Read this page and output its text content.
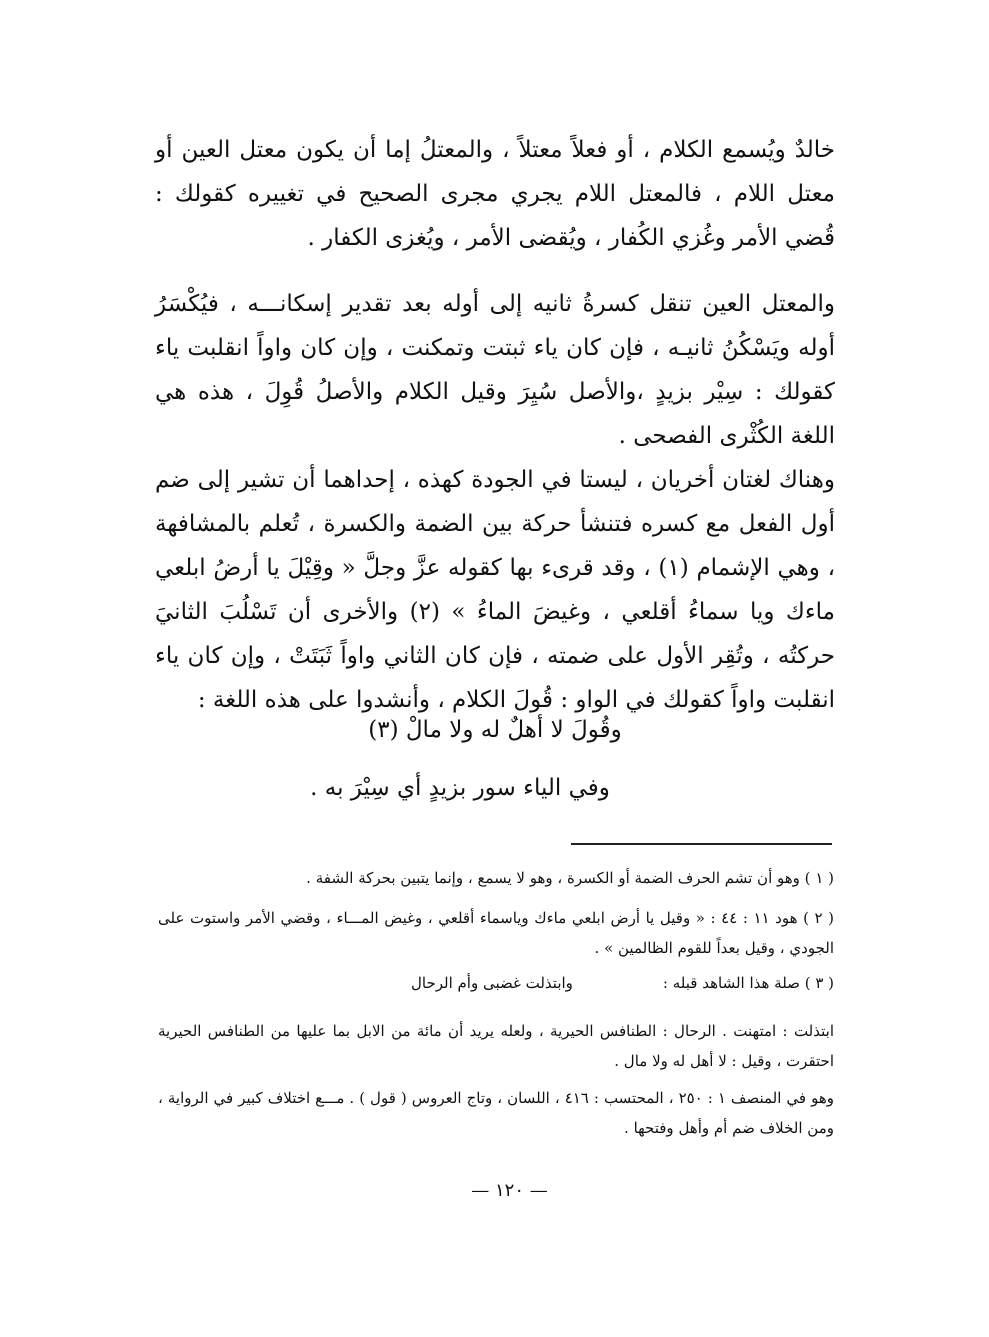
خالدٌ ويُسمع الكلام ، أو فعلاً معتلاً ، والمعتلُ إما أن يكون معتل العين أو معتل اللام ، فالمعتل اللام يجري مجرى الصحيح في تغييره كقولك : قُضي الأمر وغُزي الكُفار ، ويُقضى الأمر ، ويُغزى الكفار .

والمعتل العين تنقل كسرةُ ثانيه إلى أوله بعد تقدير إسكانـــه ، فيُكْسَرُ أوله ويَسْكُنُ ثانيـه ، فإن كان ياء ثبتت وتمكنت ، وإن كان واواً انقلبت ياء كقولك : سِيْر بزيدٍ ،والأصل سُيِرَ وقيل الكلام والأصلُ قُوِلَ ، هذه هي اللغة الكُثْرى الفصحى .

وهناك لغتان أخريان ، ليستا في الجودة كهذه ، إحداهما أن تشير إلى ضم أول الفعل مع كسره فتنشأ حركة بين الضمة والكسرة ، تُعلم بالمشافهة ، وهي الإشمام (١) ، وقد قرىء بها كقوله عزَّ وجلَّ « وقِيْلَ يا أرضُ ابلعي ماءك ويا سماءُ أقلعي ، وغيضَ الماءُ » (٢) والأخرى أن تَسْلُبَ الثانيَ حركتُه ، وتُقِر الأول على ضمته ، فإن كان الثاني واواً ثَبَتَتْ ، وإن كان ياء انقلبت واواً كقولك في الواو : قُولَ الكلام ، وأنشدوا على هذه اللغة :

وقُولَ لا أهلٌ له ولا مالْ (٣)
وفي الياء سور بزيدٍ أي سِيْرَ به .

( ١ ) وهو أن تشم الحرف الضمة أو الكسرة ، وهو لا يسمع ، وإنما يتبين بحركة الشفة .

( ٢ ) هود ١١ : ٤٤ : « وقيل يا أرض ابلعي ماءك وياسماء أقلعي ، وغيض المـــاء ، وقضي الأمر واستوت على الجودي ، وقيل بعداً للقوم الظالمين » .

( ٣ ) صلة هذا الشاهد قبله :
وابتذلت غضبى وأم الرحال

ابتذلت : امتهنت . الرحال : الطنافس الحيرية ، ولعله يريد أن مائة من الابل بما عليها من الطنافس الحيرية احتقرت ، وقيل : لا أهل له ولا مال .

وهو في المنصف ١ : ٢٥٠ ، المحتسب : ٤١٦ ، اللسان ، وتاج العروس ( قول ) . مـــع اختلاف كبير في الرواية ، ومن الخلاف ضم أم وأهل وفتحها .

— ١٢٠ —
